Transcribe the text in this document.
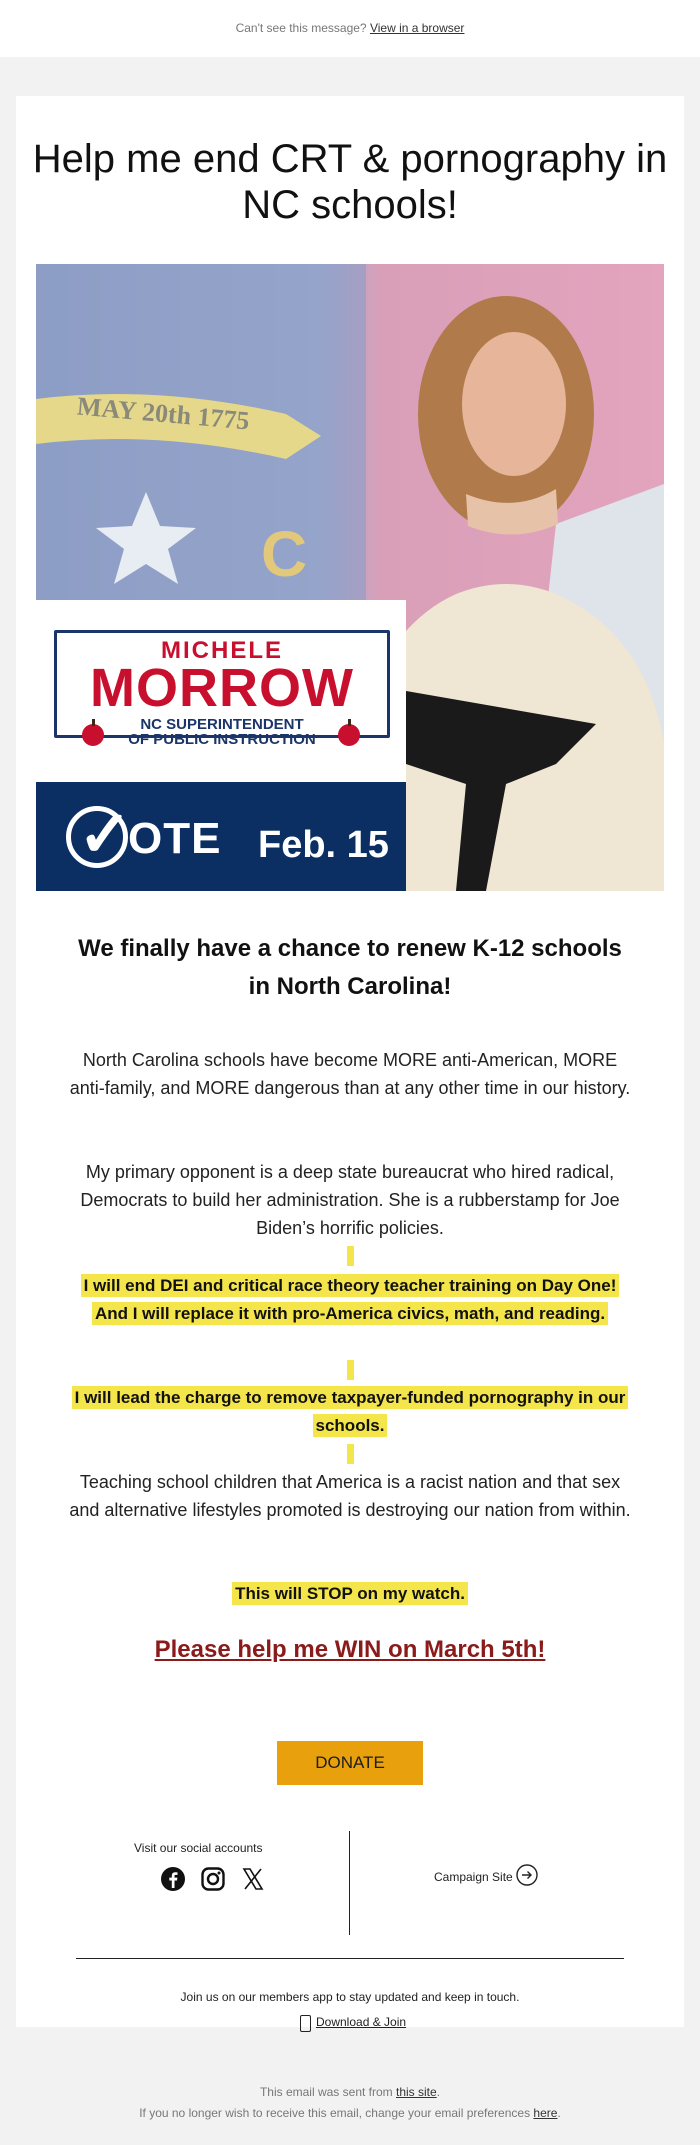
Can't see this message? View in a browser
Help me end CRT & pornography in NC schools!
MAY 20th 1775
C
MICHELE
MORROW
NC SUPERINTENDENT
OF PUBLIC INSTRUCTION
✓
OTE Feb. 15
We finally have a chance to renew K-12 schools in North Carolina!
North Carolina schools have become MORE anti-American, MORE anti-family, and MORE dangerous than at any other time in our history.
My primary opponent is a deep state bureaucrat who hired radical, Democrats to build her administration. She is a rubberstamp for Joe Biden’s horrific policies.
I will end DEI and critical race theory teacher training on Day One! And I will replace it with pro-America civics, math, and reading.
I will lead the charge to remove taxpayer-funded pornography in our schools.
Teaching school children that America is a racist nation and that sex and alternative lifestyles promoted is destroying our nation from within.
This will STOP on my watch.
Please help me WIN on March 5th!
DONATE
Visit our social accounts
Campaign Site
Join us on our members app to stay updated and keep in touch.
Download & Join
This email was sent from this site.
If you no longer wish to receive this email, change your email preferences here.
